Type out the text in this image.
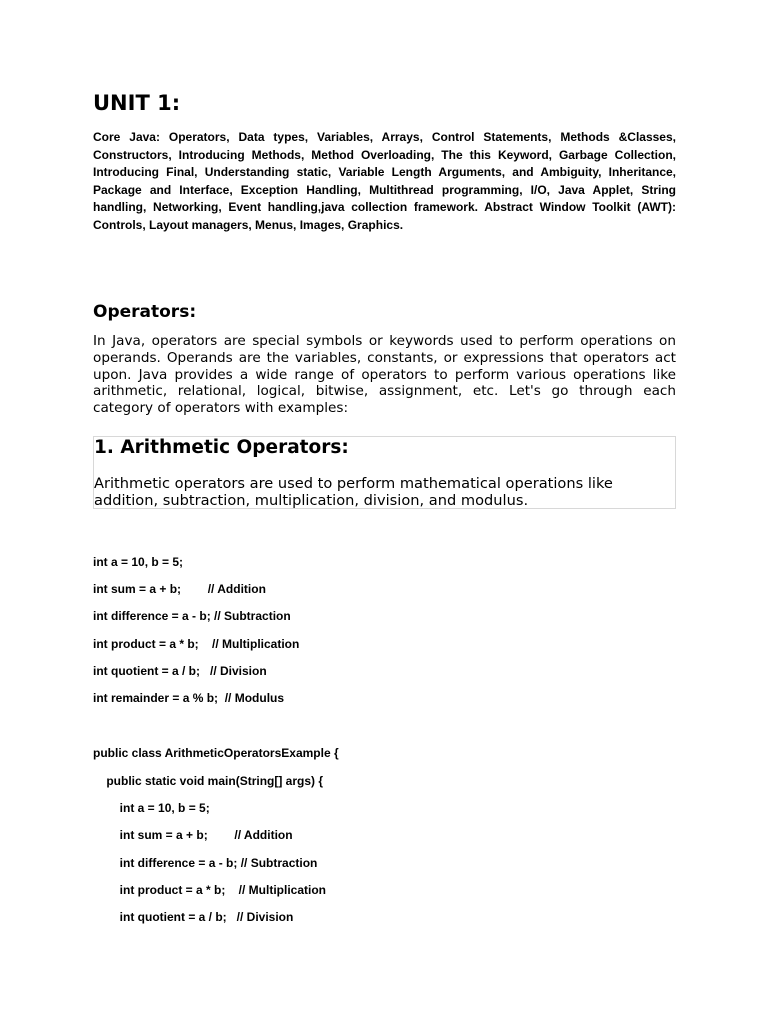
UNIT 1:

Core Java: Operators, Data types, Variables, Arrays, Control Statements, Methods &Classes, Constructors, Introducing Methods, Method Overloading, The this Keyword, Garbage Collection, Introducing Final, Understanding static, Variable Length Arguments, and Ambiguity, Inheritance, Package and Interface, Exception Handling, Multithread programming, I/O, Java Applet, String handling, Networking, Event handling,java collection framework. Abstract Window Toolkit (AWT): Controls, Layout managers, Menus, Images, Graphics.

Operators:

In Java, operators are special symbols or keywords used to perform operations on operands. Operands are the variables, constants, or expressions that operators act upon. Java provides a wide range of operators to perform various operations like arithmetic, relational, logical, bitwise, assignment, etc. Let's go through each category of operators with examples:

1. Arithmetic Operators:

Arithmetic operators are used to perform mathematical operations like addition, subtraction, multiplication, division, and modulus.

int a = 10, b = 5;
int sum = a + b;        // Addition
int difference = a - b; // Subtraction
int product = a * b;    // Multiplication
int quotient = a / b;   // Division
int remainder = a % b;  // Modulus
public class ArithmeticOperatorsExample {
public static void main(String[] args) {
int a = 10, b = 5;
int sum = a + b;        // Addition
int difference = a - b; // Subtraction
int product = a * b;    // Multiplication
int quotient = a / b;   // Division
